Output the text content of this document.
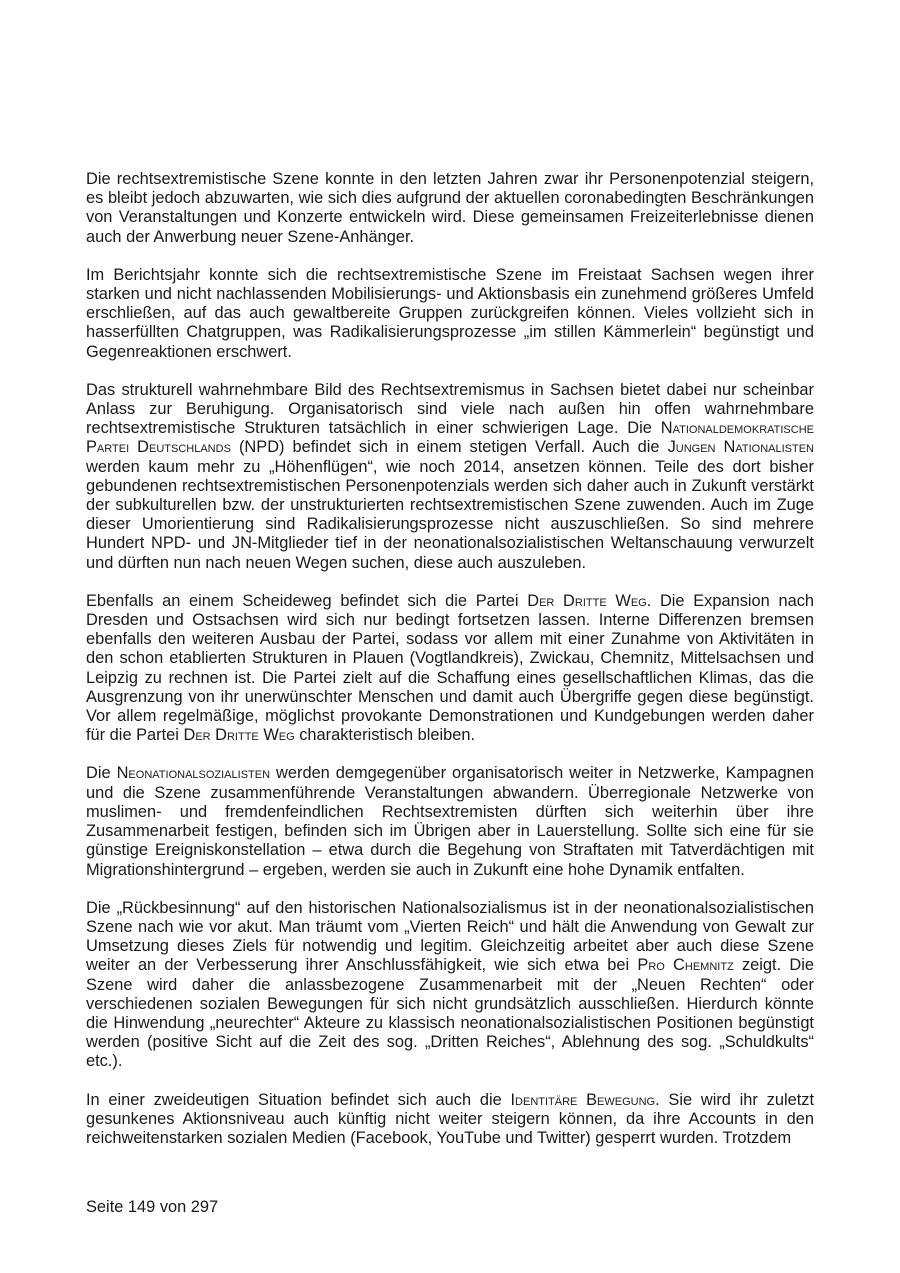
Die rechtsextremistische Szene konnte in den letzten Jahren zwar ihr Personenpotenzial steigern, es bleibt jedoch abzuwarten, wie sich dies aufgrund der aktuellen coronabedingten Beschränkungen von Veranstaltungen und Konzerte entwickeln wird. Diese gemeinsamen Freizeiterlebnisse dienen auch der Anwerbung neuer Szene-Anhänger.

Im Berichtsjahr konnte sich die rechtsextremistische Szene im Freistaat Sachsen wegen ihrer starken und nicht nachlassenden Mobilisierungs- und Aktionsbasis ein zunehmend größeres Umfeld erschließen, auf das auch gewaltbereite Gruppen zurückgreifen können. Vieles vollzieht sich in hasserfüllten Chatgruppen, was Radikalisierungsprozesse „im stillen Kämmerlein“ begünstigt und Gegenreaktionen erschwert.

Das strukturell wahrnehmbare Bild des Rechtsextremismus in Sachsen bietet dabei nur scheinbar Anlass zur Beruhigung. Organisatorisch sind viele nach außen hin offen wahrnehmbare rechtsextremistische Strukturen tatsächlich in einer schwierigen Lage. Die Nationaldemokratische Partei Deutschlands (NPD) befindet sich in einem stetigen Verfall. Auch die Jungen Nationalisten werden kaum mehr zu „Höhenflügen“, wie noch 2014, ansetzen können. Teile des dort bisher gebundenen rechtsextremistischen Personenpotenzials werden sich daher auch in Zukunft verstärkt der subkulturellen bzw. der unstrukturierten rechtsextremistischen Szene zuwenden. Auch im Zuge dieser Umorientierung sind Radikalisierungsprozesse nicht auszuschließen. So sind mehrere Hundert NPD- und JN-Mitglieder tief in der neonationalsozialistischen Weltanschauung verwurzelt und dürften nun nach neuen Wegen suchen, diese auch auszuleben.

Ebenfalls an einem Scheideweg befindet sich die Partei Der Dritte Weg. Die Expansion nach Dresden und Ostsachsen wird sich nur bedingt fortsetzen lassen. Interne Differenzen bremsen ebenfalls den weiteren Ausbau der Partei, sodass vor allem mit einer Zunahme von Aktivitäten in den schon etablierten Strukturen in Plauen (Vogtlandkreis), Zwickau, Chemnitz, Mittelsachsen und Leipzig zu rechnen ist. Die Partei zielt auf die Schaffung eines gesellschaftlichen Klimas, das die Ausgrenzung von ihr unerwünschter Menschen und damit auch Übergriffe gegen diese begünstigt. Vor allem regelmäßige, möglichst provokante Demonstrationen und Kundgebungen werden daher für die Partei Der Dritte Weg charakteristisch bleiben.

Die Neonationalsozialisten werden demgegenüber organisatorisch weiter in Netzwerke, Kampagnen und die Szene zusammenführende Veranstaltungen abwandern. Überregionale Netzwerke von muslimen- und fremdenfeindlichen Rechtsextremisten dürften sich weiterhin über ihre Zusammenarbeit festigen, befinden sich im Übrigen aber in Lauerstellung. Sollte sich eine für sie günstige Ereigniskonstellation – etwa durch die Begehung von Straftaten mit Tatverdächtigen mit Migrationshintergrund – ergeben, werden sie auch in Zukunft eine hohe Dynamik entfalten.

Die „Rückbesinnung“ auf den historischen Nationalsozialismus ist in der neonationalsozialistischen Szene nach wie vor akut. Man träumt vom „Vierten Reich“ und hält die Anwendung von Gewalt zur Umsetzung dieses Ziels für notwendig und legitim. Gleichzeitig arbeitet aber auch diese Szene weiter an der Verbesserung ihrer Anschlussfähigkeit, wie sich etwa bei Pro Chemnitz zeigt. Die Szene wird daher die anlassbezogene Zusammenarbeit mit der „Neuen Rechten“ oder verschiedenen sozialen Bewegungen für sich nicht grundsätzlich ausschließen. Hierdurch könnte die Hinwendung „neurechter“ Akteure zu klassisch neonationalsozialistischen Positionen begünstigt werden (positive Sicht auf die Zeit des sog. „Dritten Reiches“, Ablehnung des sog. „Schuldkults“ etc.).

In einer zweideutigen Situation befindet sich auch die Identitäre Bewegung. Sie wird ihr zuletzt gesunkenes Aktionsniveau auch künftig nicht weiter steigern können, da ihre Accounts in den reichweitenstarken sozialen Medien (Facebook, YouTube und Twitter) gesperrt wurden. Trotzdem

Seite 149 von 297
